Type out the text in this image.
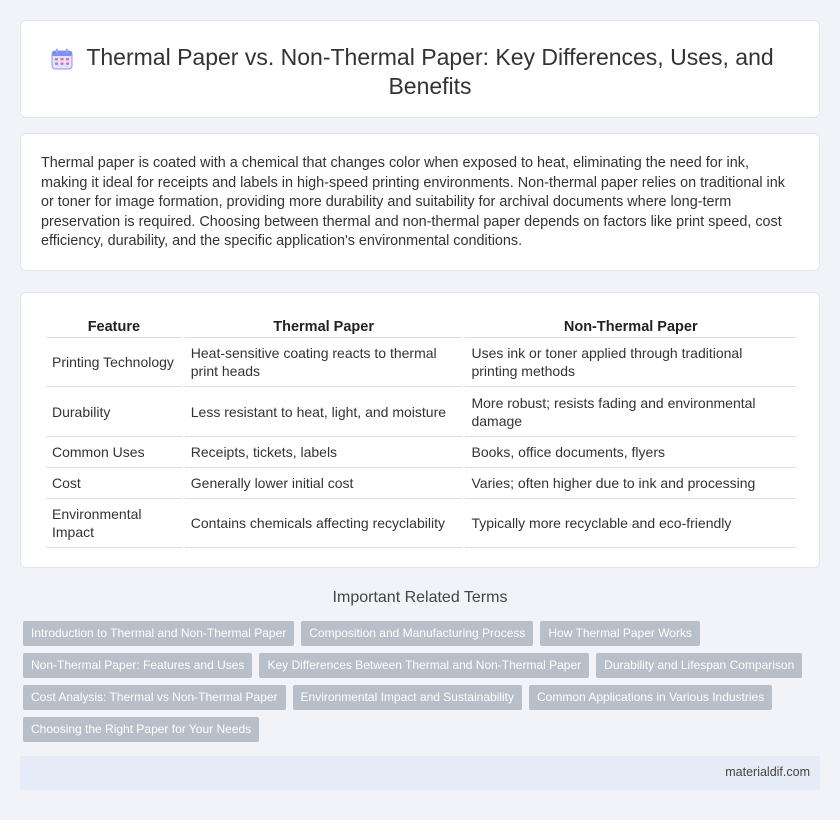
Thermal Paper vs. Non-Thermal Paper: Key Differences, Uses, and Benefits

Thermal paper is coated with a chemical that changes color when exposed to heat, eliminating the need for ink, making it ideal for receipts and labels in high-speed printing environments. Non-thermal paper relies on traditional ink or toner for image formation, providing more durability and suitability for archival documents where long-term preservation is required. Choosing between thermal and non-thermal paper depends on factors like print speed, cost efficiency, durability, and the specific application's environmental conditions.

Feature	Thermal Paper	Non-Thermal Paper
Printing Technology	Heat-sensitive coating reacts to thermal print heads	Uses ink or toner applied through traditional printing methods
Durability	Less resistant to heat, light, and moisture	More robust; resists fading and environmental damage
Common Uses	Receipts, tickets, labels	Books, office documents, flyers
Cost	Generally lower initial cost	Varies; often higher due to ink and processing
Environmental Impact	Contains chemicals affecting recyclability	Typically more recyclable and eco-friendly
Important Related Terms
Introduction to Thermal and Non-Thermal Paper	Composition and Manufacturing Process	How Thermal Paper Works
Non-Thermal Paper: Features and Uses	Key Differences Between Thermal and Non-Thermal Paper	Durability and Lifespan Comparison
Cost Analysis: Thermal vs Non-Thermal Paper	Environmental Impact and Sustainability	Common Applications in Various Industries
Choosing the Right Paper for Your Needs
materialdif.com
